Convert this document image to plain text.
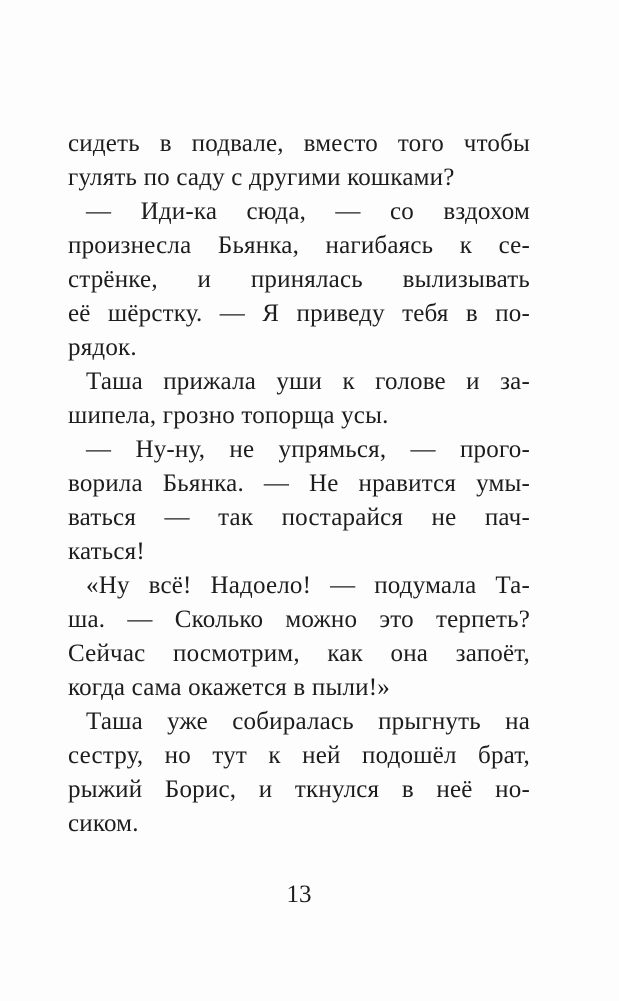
сидеть в подвале, вместо того чтобы
гулять по саду с другими кошками?
— Иди-ка сюда, — со вздохом
произнесла Бьянка, нагибаясь к се-
стрёнке, и принялась вылизывать
её шёрстку. — Я приведу тебя в по-
рядок.
Таша прижала уши к голове и за-
шипела, грозно топорща усы.
— Ну-ну, не упрямься, — прого-
ворила Бьянка. — Не нравится умы-
ваться — так постарайся не пач-
каться!
«Ну всё! Надоело! — подумала Та-
ша. — Сколько можно это терпеть?
Сейчас посмотрим, как она запоёт,
когда сама окажется в пыли!»
Таша уже собиралась прыгнуть на
сестру, но тут к ней подошёл брат,
рыжий Борис, и ткнулся в неё но-
сиком.
13
